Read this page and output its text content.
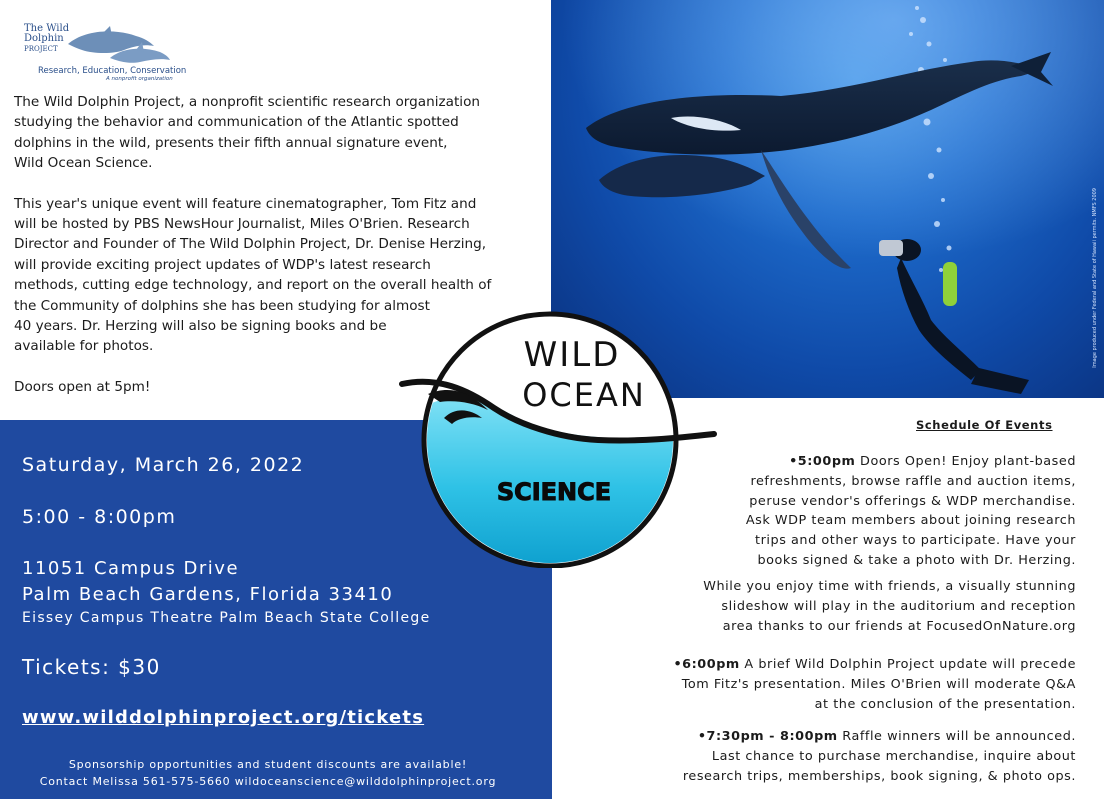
The Wild
Dolphin
PROJECT
Research, Education, Conservation
A nonprofit organization

The Wild Dolphin Project, a nonprofit scientific research organization
studying the behavior and communication of the Atlantic spotted
dolphins in the wild, presents their fifth annual signature event,
Wild Ocean Science.

This year's unique event will feature cinematographer, Tom Fitz and
will be hosted by PBS NewsHour Journalist, Miles O'Brien. Research
Director and Founder of The Wild Dolphin Project, Dr. Denise Herzing,
will provide exciting project updates of WDP's latest research
methods, cutting edge technology, and report on the overall health of
the Community of dolphins she has been studying for almost
40 years. Dr. Herzing will also be signing books and be
available for photos.

Doors open at 5pm!

Image produced under Federal and State of Hawaii permits. NMFS 2009
Saturday, March 26, 2022
5:00 - 8:00pm
11051 Campus Drive
Palm Beach Gardens, Florida 33410
Eissey Campus Theatre Palm Beach State College
Tickets: $30
www.wilddolphinproject.org/tickets
Sponsorship opportunities and student discounts are available!
Contact Melissa 561-575-5660 wildoceanscience@wilddolphinproject.org
WILD
OCEAN
SCIENCE
Schedule Of Events
•5:00pm Doors Open! Enjoy plant-based
refreshments, browse raffle and auction items,
peruse vendor's offerings & WDP merchandise.
Ask WDP team members about joining research
trips and other ways to participate. Have your
books signed & take a photo with Dr. Herzing.
While you enjoy time with friends, a visually stunning
slideshow will play in the auditorium and reception
area thanks to our friends at FocusedOnNature.org
•6:00pm A brief Wild Dolphin Project update will precede
Tom Fitz's presentation. Miles O'Brien will moderate Q&A
at the conclusion of the presentation.
•7:30pm - 8:00pm Raffle winners will be announced.
Last chance to purchase merchandise, inquire about
research trips, memberships, book signing, & photo ops.
